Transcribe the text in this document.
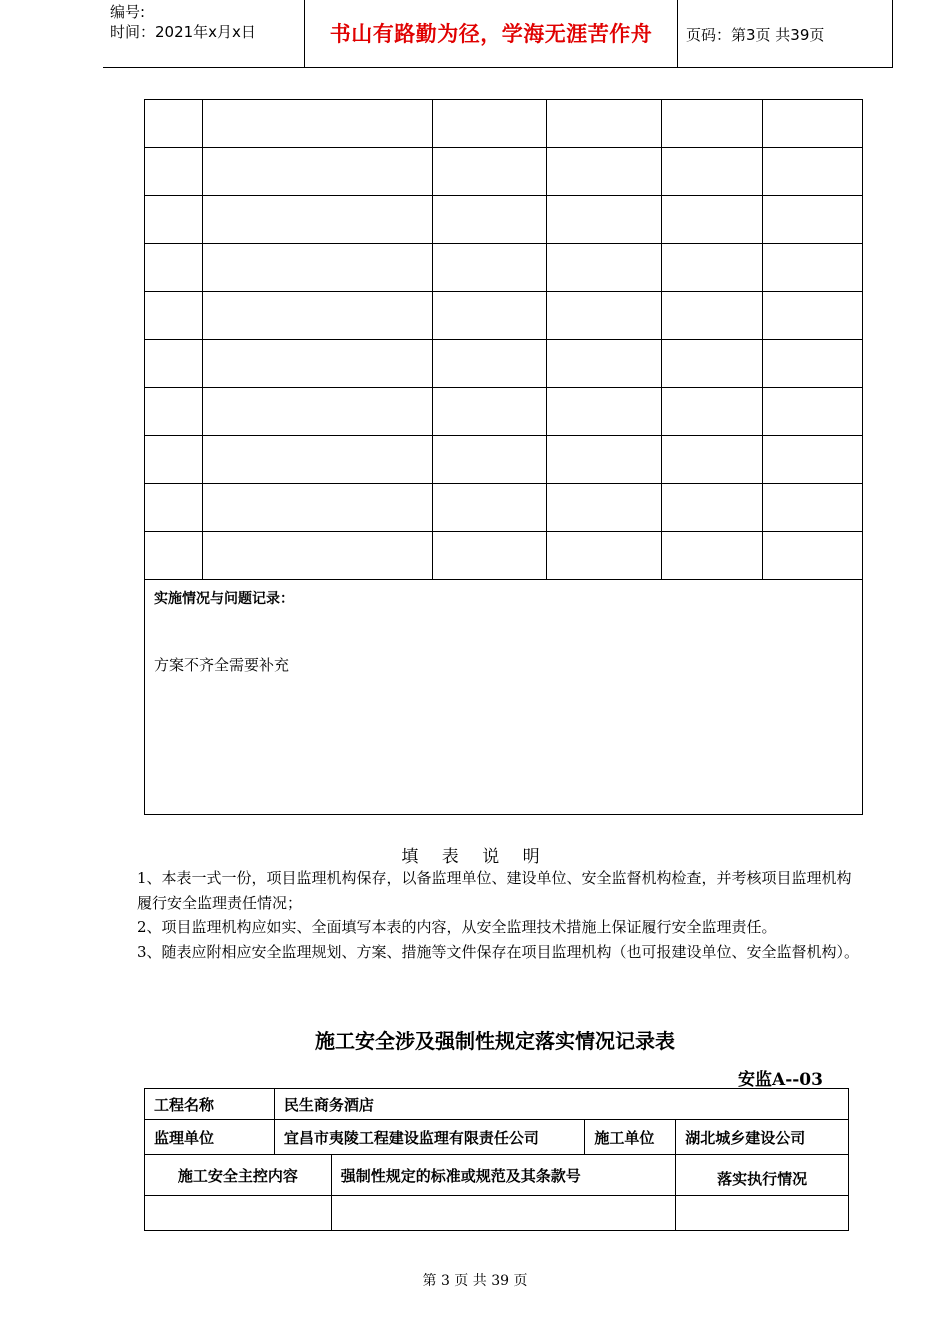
编号:
时间：2021年x月x日	书山有路勤为径，学海无涯苦作舟	页码：第3页 共39页

实施情况与问题记录：
方案不齐全需要补充					
填 表 说 明

1、本表一式一份，项目监理机构保存，以备监理单位、建设单位、安全监督机构检查，并考核项目监理机构履行安全监理责任情况；

2、项目监理机构应如实、全面填写本表的内容，从安全监理技术措施上保证履行安全监理责任。

3、随表应附相应安全监理规划、方案、措施等文件保存在项目监理机构（也可报建设单位、安全监督机构）。

施工安全涉及强制性规定落实情况记录表
安监A--03
工程名称	民生商务酒店			
监理单位	宜昌市夷陵工程建设监理有限责任公司		施工单位	湖北城乡建设公司
施工安全主控内容		强制性规定的标准或规范及其条款号		落实执行情况

第 3 页 共 39 页
